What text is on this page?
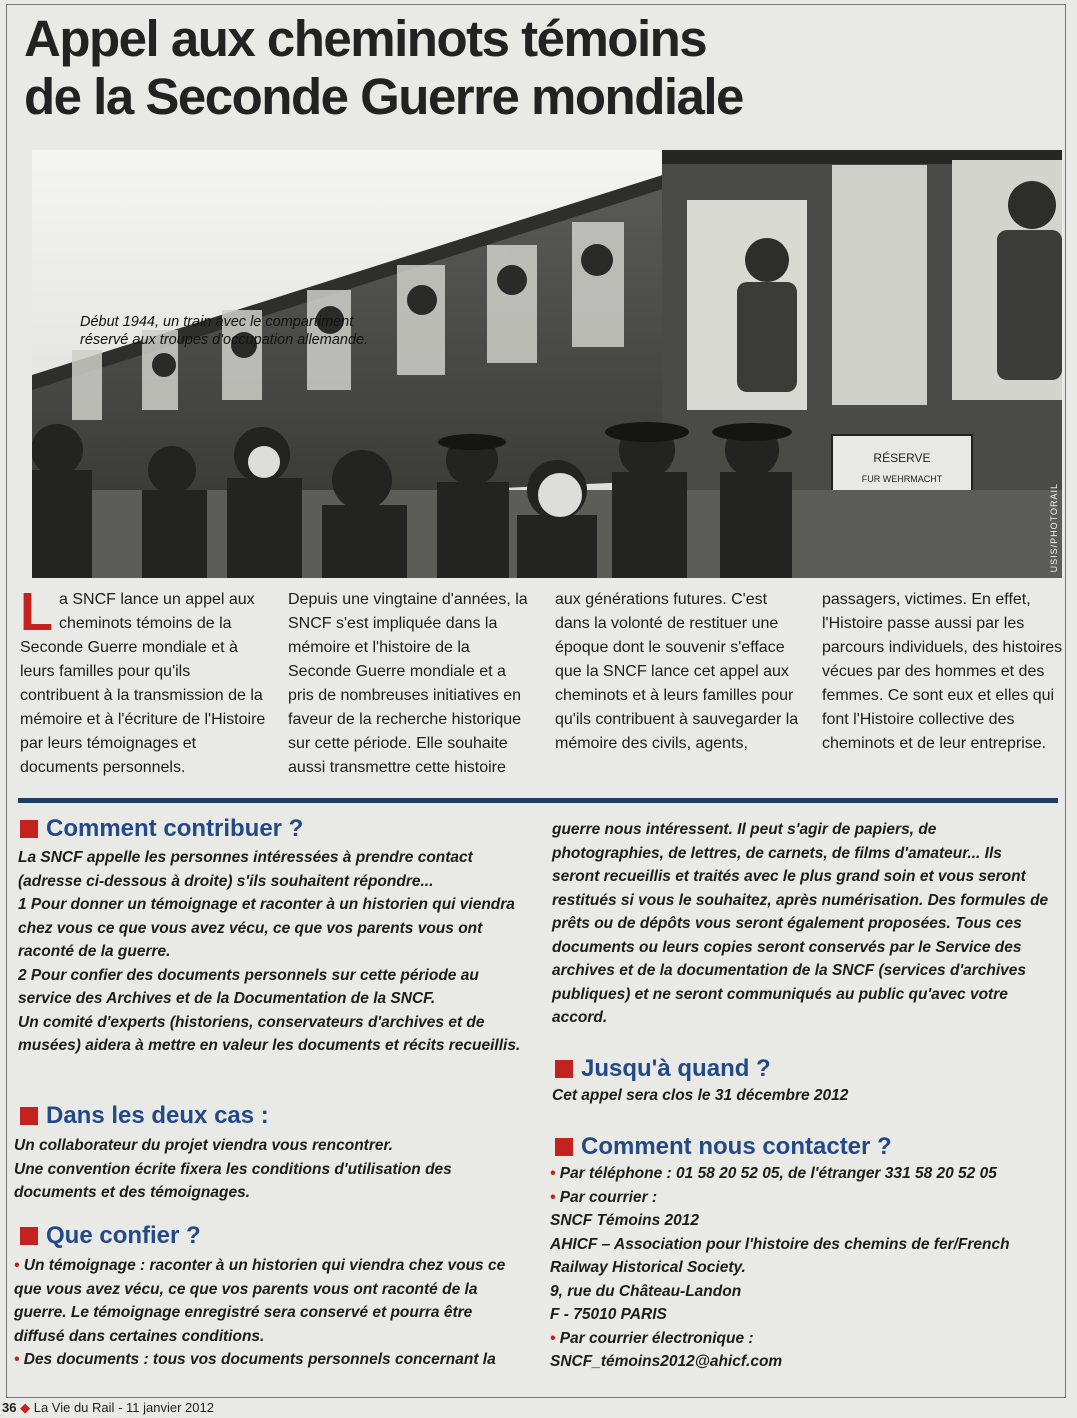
Appel aux cheminots témoins
de la Seconde Guerre mondiale
RÉSERVE
FUR WEHRMACHT
Début 1944, un train avec le compartiment réservé aux troupes d'occupation allemande.
USIS/PHOTORAIL
La SNCF lance un appel aux cheminots témoins de la Seconde Guerre mondiale et à leurs familles pour qu'ils contribuent à la transmission de la mémoire et à l'écriture de l'Histoire par leurs témoignages et documents personnels.
Depuis une vingtaine d'années, la SNCF s'est impliquée dans la mémoire et l'histoire de la Seconde Guerre mondiale et a pris de nombreuses initiatives en faveur de la recherche historique sur cette période. Elle souhaite aussi transmettre cette histoire
aux générations futures. C'est dans la volonté de restituer une époque dont le souvenir s'efface que la SNCF lance cet appel aux cheminots et à leurs familles pour qu'ils contribuent à sauvegarder la mémoire des civils, agents,
passagers, victimes. En effet, l'Histoire passe aussi par les parcours individuels, des histoires vécues par des hommes et des femmes. Ce sont eux et elles qui font l'Histoire collective des cheminots et de leur entreprise.
Comment contribuer ?

La SNCF appelle les personnes intéressées à prendre contact (adresse ci-dessous à droite) s'ils souhaitent répondre...

1 Pour donner un témoignage et raconter à un historien qui viendra chez vous ce que vous avez vécu, ce que vos parents vous ont raconté de la guerre.

2 Pour confier des documents personnels sur cette période au service des Archives et de la Documentation de la SNCF.

Un comité d'experts (historiens, conservateurs d'archives et de musées) aidera à mettre en valeur les documents et récits recueillis.

Dans les deux cas :

Un collaborateur du projet viendra vous rencontrer.

Une convention écrite fixera les conditions d'utilisation des documents et des témoignages.

Que confier ?

• Un témoignage : raconter à un historien qui viendra chez vous ce que vous avez vécu, ce que vos parents vous ont raconté de la guerre. Le témoignage enregistré sera conservé et pourra être diffusé dans certaines conditions.

• Des documents : tous vos documents personnels concernant la

guerre nous intéressent. Il peut s'agir de papiers, de photographies, de lettres, de carnets, de films d'amateur... Ils seront recueillis et traités avec le plus grand soin et vous seront restitués si vous le souhaitez, après numérisation. Des formules de prêts ou de dépôts vous seront également proposées. Tous ces documents ou leurs copies seront conservés par le Service des archives et de la documentation de la SNCF (services d'archives publiques) et ne seront communiqués au public qu'avec votre accord.
Jusqu'à quand ?

Cet appel sera clos le 31 décembre 2012

Comment nous contacter ?

• Par téléphone : 01 58 20 52 05, de l'étranger 331 58 20 52 05

• Par courrier :

SNCF Témoins 2012

AHICF – Association pour l'histoire des chemins de fer/French Railway Historical Society.

9, rue du Château-Landon

F - 75010 PARIS

• Par courrier électronique :

SNCF_témoins2012@ahicf.com

36 ◆ La Vie du Rail - 11 janvier 2012
